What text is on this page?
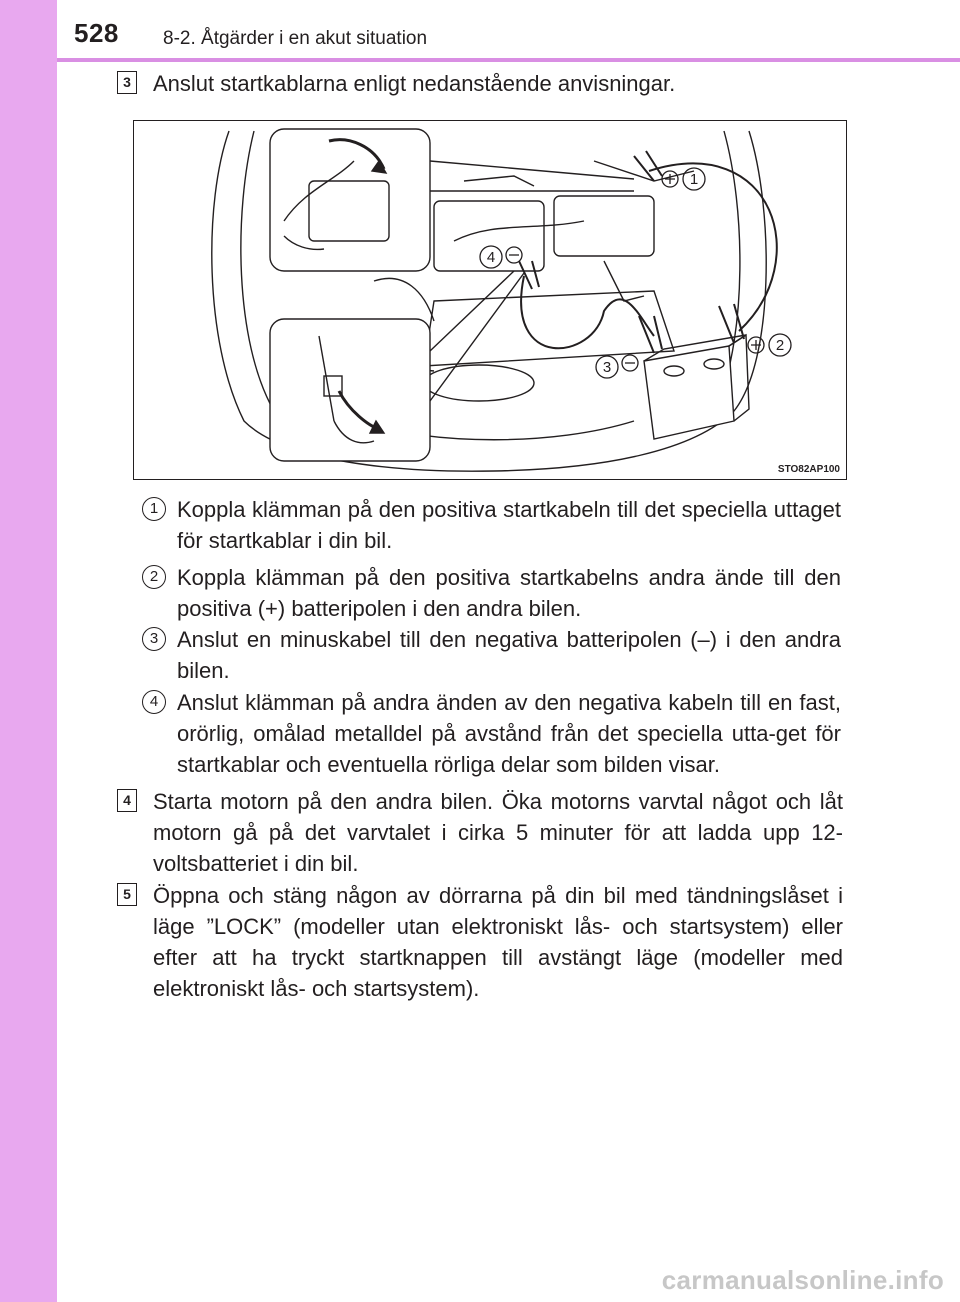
528 8-2. Åtgärder i en akut situation
3 Anslut startkablarna enligt nedanstående anvisningar.
1
2
3
4
STO82AP100
1 Koppla klämman på den positiva startkabeln till det speciella uttaget för startkablar i din bil.
2 Koppla klämman på den positiva startkabelns andra ände till den positiva (+) batteripolen i den andra bilen.
3 Anslut en minuskabel till den negativa batteripolen (–) i den andra bilen.
4 Anslut klämman på andra änden av den negativa kabeln till en fast, orörlig, omålad metalldel på avstånd från det speciella utta-get för startkablar och eventuella rörliga delar som bilden visar.
4 Starta motorn på den andra bilen. Öka motorns varvtal något och låt motorn gå på det varvtalet i cirka 5 minuter för att ladda upp 12-voltsbatteriet i din bil.
5 Öppna och stäng någon av dörrarna på din bil med tändningslåset i läge ”LOCK” (modeller utan elektroniskt lås- och startsystem) eller efter att ha tryckt startknappen till avstängt läge (modeller med elektroniskt lås- och startsystem).
carmanualsonline.info
